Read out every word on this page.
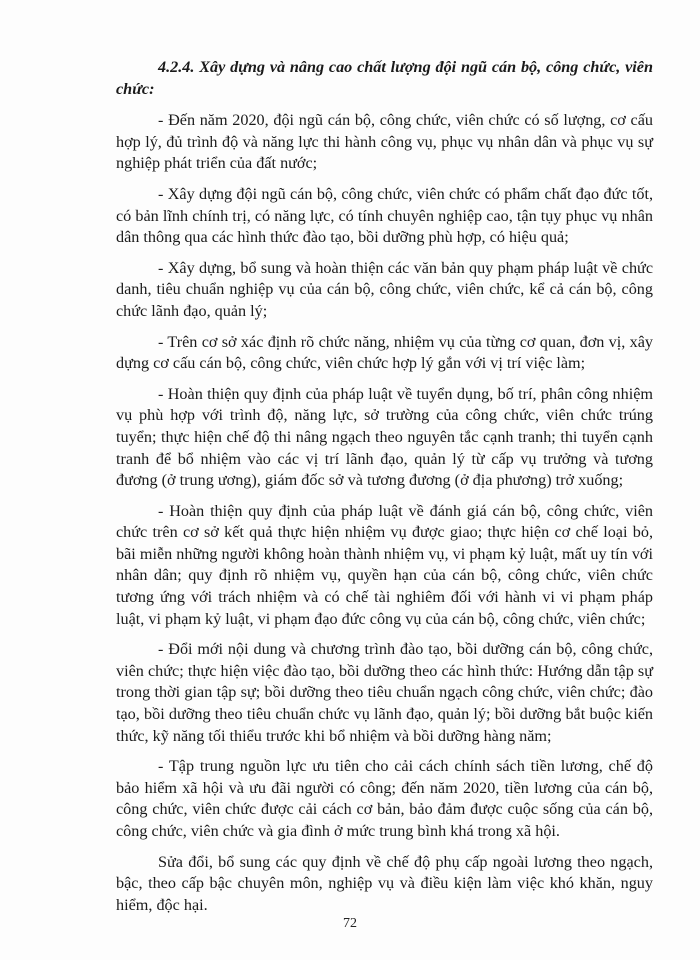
4.2.4. Xây dựng và nâng cao chất lượng đội ngũ cán bộ, công chức, viên chức:

- Đến năm 2020, đội ngũ cán bộ, công chức, viên chức có số lượng, cơ cấu hợp lý, đủ trình độ và năng lực thi hành công vụ, phục vụ nhân dân và phục vụ sự nghiệp phát triển của đất nước;

- Xây dựng đội ngũ cán bộ, công chức, viên chức có phẩm chất đạo đức tốt, có bản lĩnh chính trị, có năng lực, có tính chuyên nghiệp cao, tận tụy phục vụ nhân dân thông qua các hình thức đào tạo, bồi dưỡng phù hợp, có hiệu quả;

- Xây dựng, bổ sung và hoàn thiện các văn bản quy phạm pháp luật về chức danh, tiêu chuẩn nghiệp vụ của cán bộ, công chức, viên chức, kể cả cán bộ, công chức lãnh đạo, quản lý;

- Trên cơ sở xác định rõ chức năng, nhiệm vụ của từng cơ quan, đơn vị, xây dựng cơ cấu cán bộ, công chức, viên chức hợp lý gắn với vị trí việc làm;

- Hoàn thiện quy định của pháp luật về tuyển dụng, bố trí, phân công nhiệm vụ phù hợp với trình độ, năng lực, sở trường của công chức, viên chức trúng tuyển; thực hiện chế độ thi nâng ngạch theo nguyên tắc cạnh tranh; thi tuyển cạnh tranh để bổ nhiệm vào các vị trí lãnh đạo, quản lý từ cấp vụ trưởng và tương đương (ở trung ương), giám đốc sở và tương đương (ở địa phương) trở xuống;

- Hoàn thiện quy định của pháp luật về đánh giá cán bộ, công chức, viên chức trên cơ sở kết quả thực hiện nhiệm vụ được giao; thực hiện cơ chế loại bỏ, bãi miễn những người không hoàn thành nhiệm vụ, vi phạm kỷ luật, mất uy tín với nhân dân; quy định rõ nhiệm vụ, quyền hạn của cán bộ, công chức, viên chức tương ứng với trách nhiệm và có chế tài nghiêm đối với hành vi vi phạm pháp luật, vi phạm kỷ luật, vi phạm đạo đức công vụ của cán bộ, công chức, viên chức;

- Đổi mới nội dung và chương trình đào tạo, bồi dưỡng cán bộ, công chức, viên chức; thực hiện việc đào tạo, bồi dưỡng theo các hình thức: Hướng dẫn tập sự trong thời gian tập sự; bồi dưỡng theo tiêu chuẩn ngạch công chức, viên chức; đào tạo, bồi dưỡng theo tiêu chuẩn chức vụ lãnh đạo, quản lý; bồi dưỡng bắt buộc kiến thức, kỹ năng tối thiểu trước khi bổ nhiệm và bồi dưỡng hàng năm;

- Tập trung nguồn lực ưu tiên cho cải cách chính sách tiền lương, chế độ bảo hiểm xã hội và ưu đãi người có công; đến năm 2020, tiền lương của cán bộ, công chức, viên chức được cải cách cơ bản, bảo đảm được cuộc sống của cán bộ, công chức, viên chức và gia đình ở mức trung bình khá trong xã hội.

Sửa đổi, bổ sung các quy định về chế độ phụ cấp ngoài lương theo ngạch, bậc, theo cấp bậc chuyên môn, nghiệp vụ và điều kiện làm việc khó khăn, nguy hiểm, độc hại.

72
